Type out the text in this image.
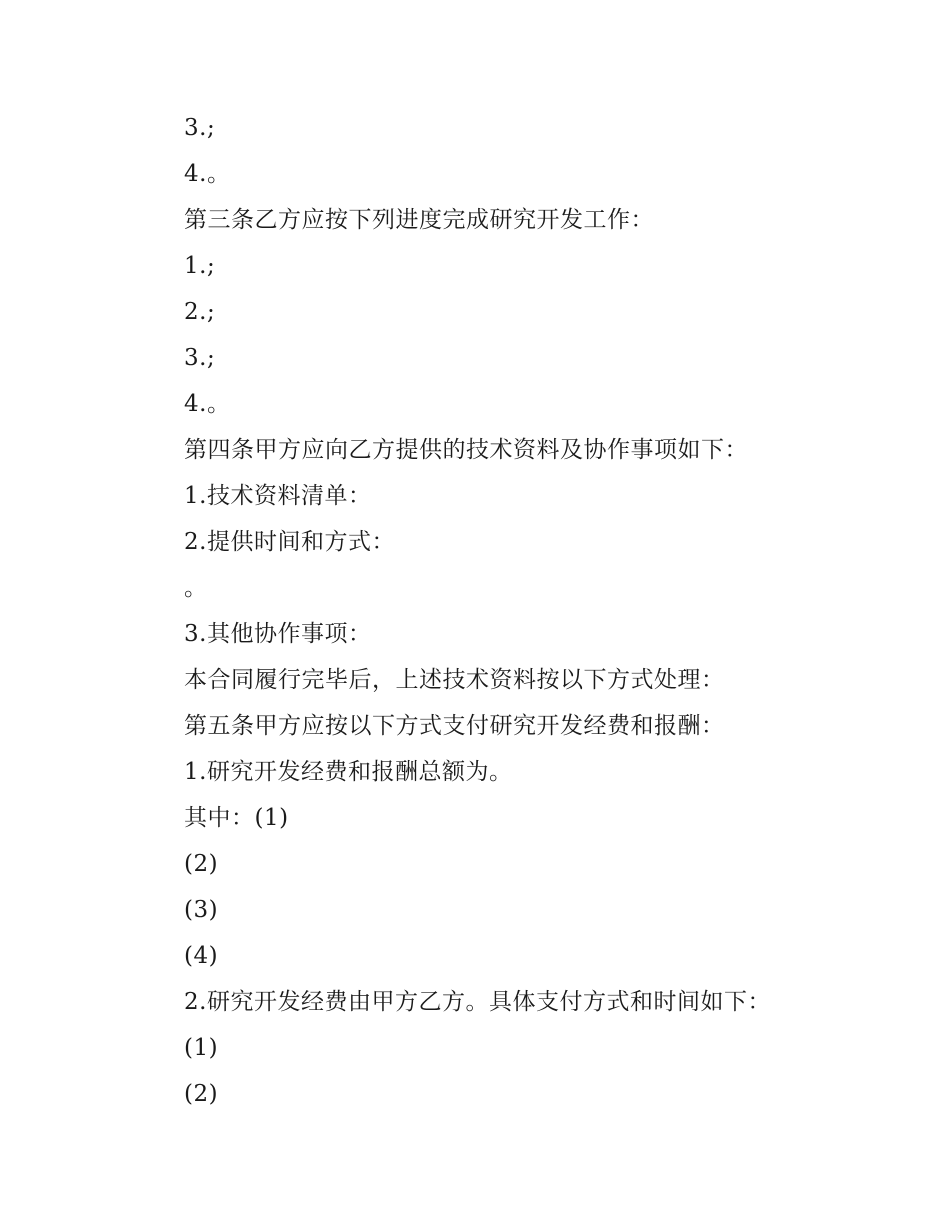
3.;
4.。
第三条乙方应按下列进度完成研究开发工作：
1.;
2.;
3.;
4.。
第四条甲方应向乙方提供的技术资料及协作事项如下：
1.技术资料清单：
2.提供时间和方式：
。
3.其他协作事项：
本合同履行完毕后，上述技术资料按以下方式处理：
第五条甲方应按以下方式支付研究开发经费和报酬：
1.研究开发经费和报酬总额为。
其中：(1)
(2)
(3)
(4)
2.研究开发经费由甲方乙方。具体支付方式和时间如下：
(1)
(2)
